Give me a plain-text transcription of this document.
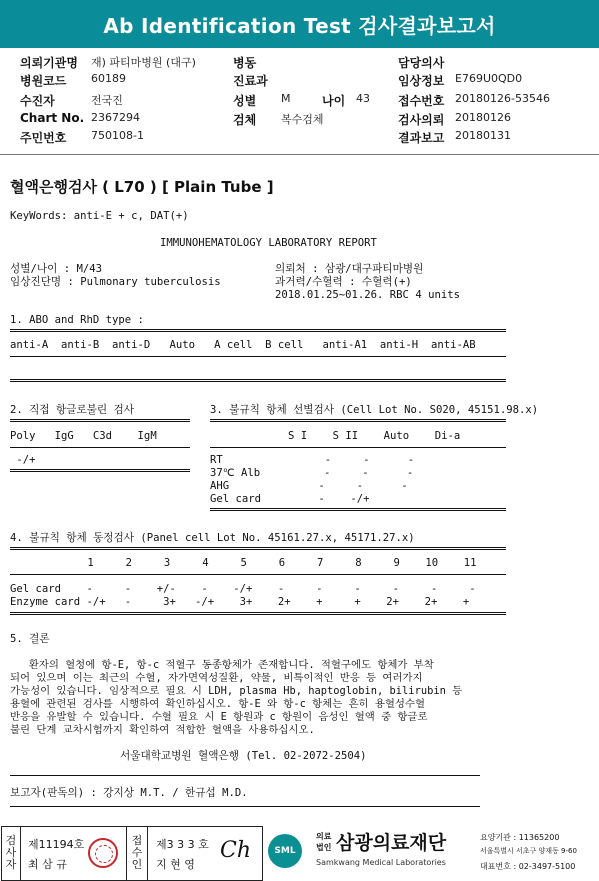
Ab Identification Test 검사결과보고서
의뢰기관명 재) 파티마병원 (대구)	병동	담당의사
병원코드 60189	진료과	임상정보 E769U0QD0
수진자	전국진	성별 M	나이 43 접수번호 20180126-53546
Chart No. 2367294	검체 복수검체	검사의뢰 20180126
주민번호 750108-1	결과보고 20180131
혈액은행검사 ( L70 ) [ Plain Tube ]
KeyWords: anti-E + c, DAT(+)
IMMUNOHEMATOLOGY LABORATORY REPORT
성별/나이 : M/43
임상진단명 : Pulmonary tuberculosis
의뢰처 : 삼광/대구파티마병원
과거력/수혈력 : 수혈력(+)
2018.01.25~01.26. RBC 4 units
1. ABO and RhD type :
anti-A  anti-B  anti-D   Auto   A cell  B cell   anti-A1  anti-H  anti-AB
2. 직접 항글로불린 검사
Poly   IgG   C3d    IgM
-/+
3. 불규칙 항체 선별검사 (Cell Lot No. S020, 45151.98.x)
S I    S II    Auto    Di-a
RT                -     -      -
37℃ Alb          -     -      -
AHG              -     -      -
Gel card         -    -/+
4. 불규칙 항체 동정검사 (Panel cell Lot No. 45161.27.x, 45171.27.x)
1     2     3     4     5     6     7     8     9    10    11
Gel card    -     -    +/-    -    -/+    -     -     -     -     -     -
Enzyme card -/+   -     3+   -/+    3+    2+    +     +    2+    2+    +
5. 결론
환자의 혈청에 항-E, 항-c 적혈구 동종항체가 존재합니다. 적혈구에도 항체가 부착
되어 있으며 이는 최근의 수혈, 자가면역성질환, 약물, 비특이적인 반응 등 여러가지
가능성이 있습니다. 임상적으로 필요 시 LDH, plasma Hb, haptoglobin, bilirubin 등
용혈에 관련된 검사를 시행하여 확인하십시오. 항-E 와 항-c 항체는 흔히 용혈성수혈
반응을 유발할 수 있습니다. 수혈 필요 시 E 항원과 c 항원이 음성인 혈액 중 항글로
불린 단계 교차시험까지 확인하여 적합한 혈액을 사용하십시오.
서울대학교병원 혈액은행 (Tel. 02-2072-2504)
보고자(판독의) : 강지상 M.T. / 한규섭 M.D.
검사자
제11194호
최 삼 규
접수인
제3 3 3 호
지 현 영
Ch	SML
의료
법인 삼광의료재단
Samkwang Medical Laboratories
요양기관 : 11365200
서울특별시 서초구 양재동 9-60
대표번호 : 02-3497-5100
